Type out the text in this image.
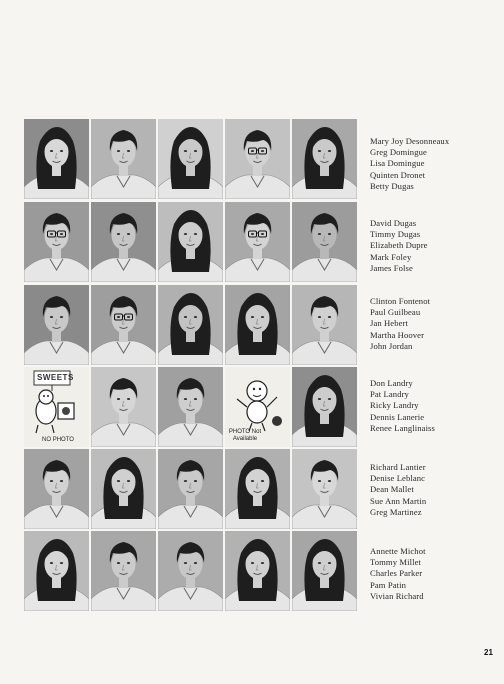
SWEETS
NO PHOTO
PHOTO Not Available
21
Mary Joy Desonneaux
Greg Domingue
Lisa Domingue
Quinten Dronet
Betty Dugas
David Dugas
Timmy Dugas
Elizabeth Dupre
Mark Foley
James Folse
Clinton Fontenot
Paul Guilbeau
Jan Hebert
Martha Hoover
John Jordan
Don Landry
Pat Landry
Ricky Landry
Dennis Lanerie
Renee Langlinaiss
Richard Lantier
Denise Leblanc
Dean Mallet
Sue Ann Martin
Greg Martinez
Annette Michot
Tommy Millet
Charles Parker
Pam Patin
Vivian Richard
